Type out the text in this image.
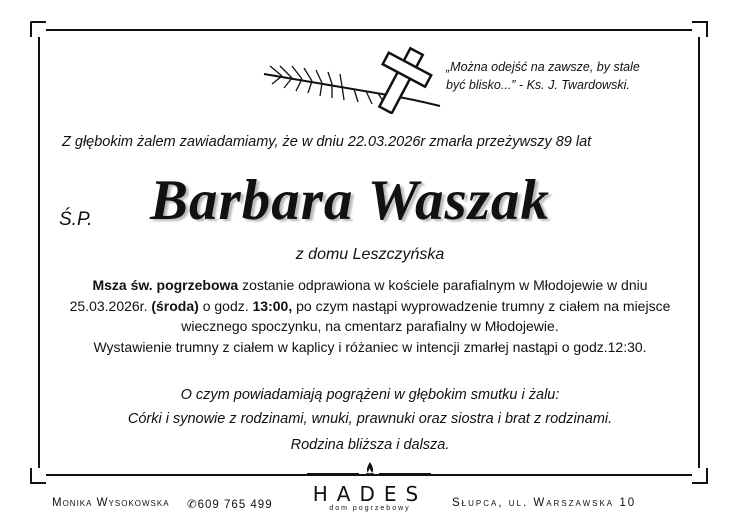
„Można odejść na zawsze, by stale
być blisko...” - Ks. J. Twardowski.
Z głębokim żalem zawiadamiamy, że w dniu 22.03.2026r zmarła przeżywszy 89 lat
Ś.P. Barbara Waszak
z domu Leszczyńska
Msza św. pogrzebowa zostanie odprawiona w kościele parafialnym w Młodojewie w dniu 25.03.2026r. (środa) o godz. 13:00, po czym nastąpi wyprowadzenie trumny z ciałem na miejsce wiecznego spoczynku, na cmentarz parafialny w Młodojewie.
Wystawienie trumny z ciałem w kaplicy i różaniec w intencji zmarłej nastąpi o godz.12:30.
O czym powiadamiają pogrążeni w głębokim smutku i żalu:
Córki i synowie z rodzinami, wnuki, prawnuki oraz siostra i brat z rodzinami.
Rodzina bliższa i dalsza.
HADES
dom pogrzebowy
Monika Wysokowska ✆609 765 499	Słupca, ul. Warszawska 10
